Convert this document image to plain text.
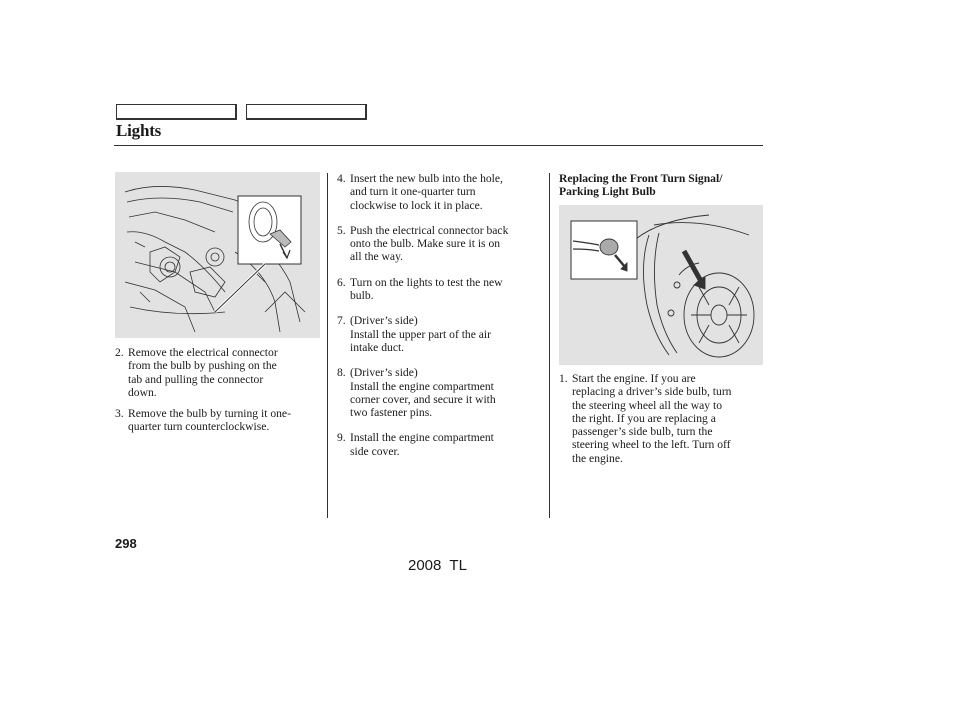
Lights
2. Remove the electrical connector
from the bulb by pushing on the
tab and pulling the connector
down.
3. Remove the bulb by turning it one-
quarter turn counterclockwise.
4. Insert the new bulb into the hole,
and turn it one-quarter turn
clockwise to lock it in place.
5. Push the electrical connector back
onto the bulb. Make sure it is on
all the way.
6. Turn on the lights to test the new
bulb.
7. (Driver’s side)
Install the upper part of the air
intake duct.
8. (Driver’s side)
Install the engine compartment
corner cover, and secure it with
two fastener pins.
9. Install the engine compartment
side cover.
Replacing the Front Turn Signal/
Parking Light Bulb
1. Start the engine. If you are
replacing a driver’s side bulb, turn
the steering wheel all the way to
the right. If you are replacing a
passenger’s side bulb, turn the
steering wheel to the left. Turn off
the engine.
298
2008  TL
